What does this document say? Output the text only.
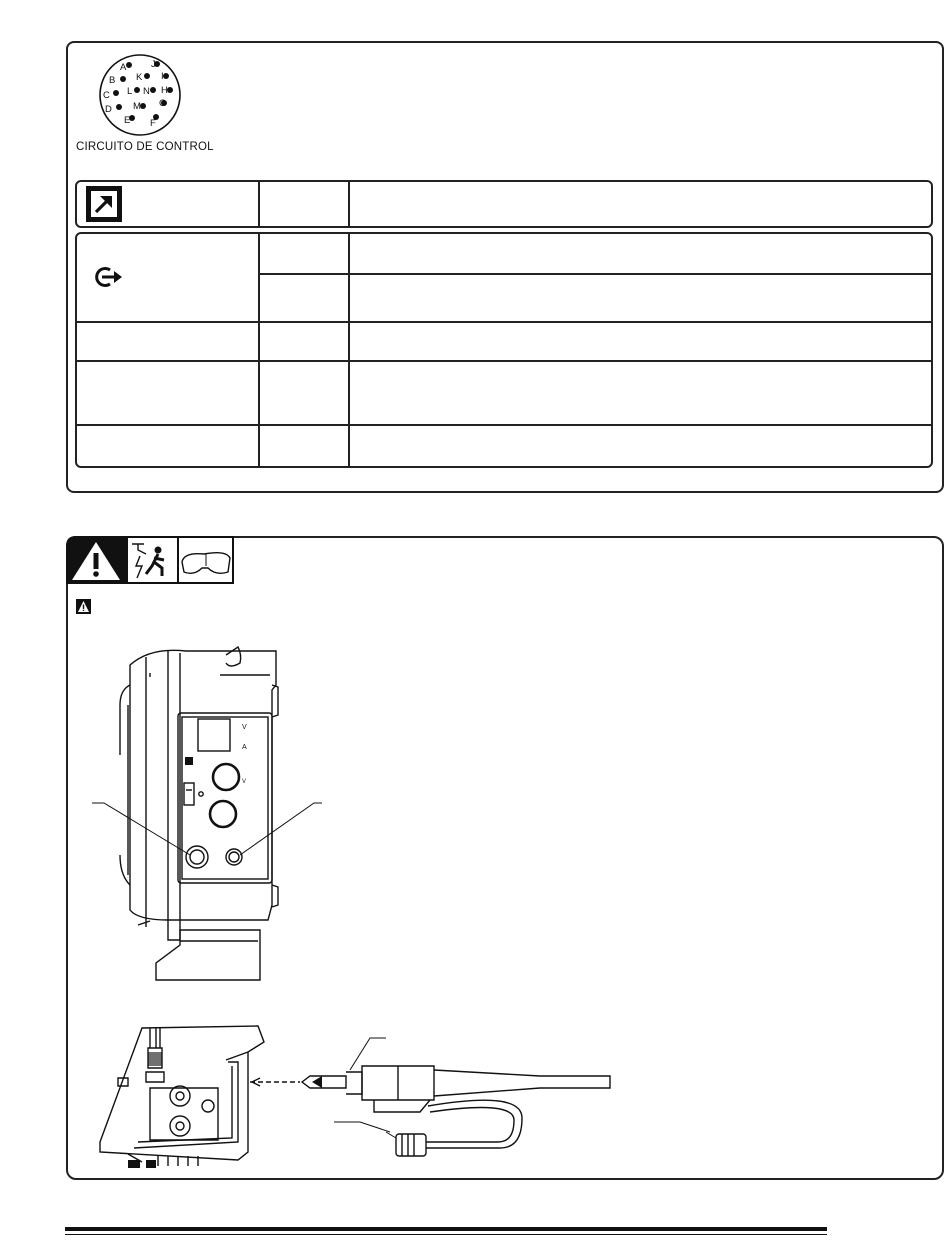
A
B
C
D
E F
G
H
I
J
K
L
M
N
CIRCUITO DE CONTROL
V
A
V
